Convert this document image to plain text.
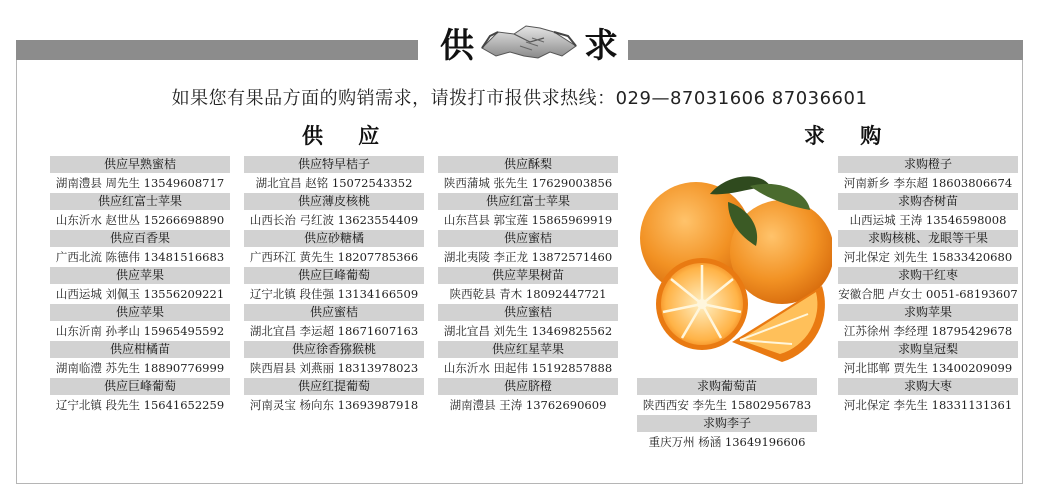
供	求
如果您有果品方面的购销需求，请拨打市报供求热线：029—87031606 87036601
供 应	求 购
供应早熟蜜桔
湖南澧县 周先生 13549608717
供应红富士苹果
山东沂水 赵世丛 15266698890
供应百香果
广西北流 陈德伟 13481516683
供应苹果
山西运城 刘佩玉 13556209221
供应苹果
山东沂南 孙孝山 15965495592
供应柑橘苗
湖南临澧 苏先生 18890776999
供应巨峰葡萄
辽宁北镇 段先生 15641652259
供应特早桔子
湖北宜昌 赵铭 15072543352
供应薄皮核桃
山西长治 弓红波 13623554409
供应砂糖橘
广西环江 黄先生 18207785366
供应巨峰葡萄
辽宁北镇 段佳强 13134166509
供应蜜桔
湖北宜昌 李运超 18671607163
供应徐香猕猴桃
陕西眉县 刘燕丽 18313978023
供应红提葡萄
河南灵宝 杨向东 13693987918
供应酥梨
陕西蒲城 张先生 17629003856
供应红富士苹果
山东莒县 郭宝莲 15865969919
供应蜜桔
湖北夷陵 李正龙 13872571460
供应苹果树苗
陕西乾县 青木 18092447721
供应蜜桔
湖北宜昌 刘先生 13469825562
供应红星苹果
山东沂水 田起伟 15192857888
供应脐橙
湖南澧县 王涛 13762690609
求购葡萄苗
陕西西安 李先生 15802956783
求购李子
重庆万州 杨涵 13649196606
求购橙子
河南新乡 李东超 18603806674
求购杏树苗
山西运城 王涛 13546598008
求购核桃、龙眼等干果
河北保定 刘先生 15833420680
求购干红枣
安徽合肥 卢女士 0051-68193607
求购苹果
江苏徐州 李经理 18795429678
求购皇冠梨
河北邯郸 贾先生 13400209099
求购大枣
河北保定 李先生 18331131361
